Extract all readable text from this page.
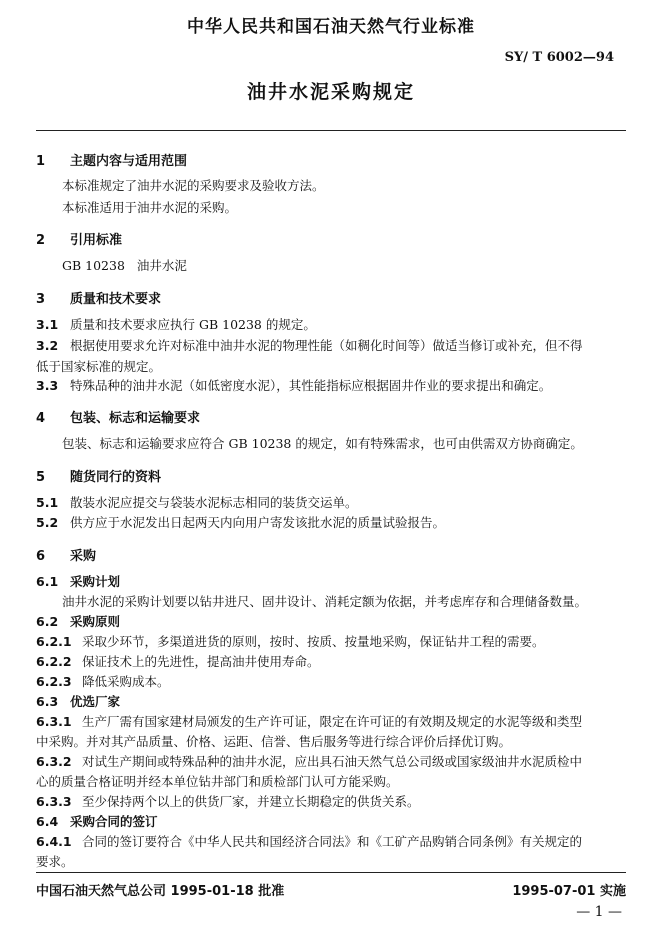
中华人民共和国石油天然气行业标准
SY/ T 6002—94
油井水泥采购规定
1 主题内容与适用范围
本标准规定了油井水泥的采购要求及验收方法。
本标准适用于油井水泥的采购。
2 引用标准
GB 10238   油井水泥
3 质量和技术要求
3.1 质量和技术要求应执行 GB 10238 的规定。
3.2 根据使用要求允许对标准中油井水泥的物理性能（如稠化时间等）做适当修订或补充，但不得
低于国家标准的规定。
3.3 特殊品种的油井水泥（如低密度水泥），其性能指标应根据固井作业的要求提出和确定。
4 包装、标志和运输要求
包装、标志和运输要求应符合 GB 10238 的规定，如有特殊需求，也可由供需双方协商确定。
5 随货同行的资料
5.1 散装水泥应提交与袋装水泥标志相同的装货交运单。
5.2 供方应于水泥发出日起两天内向用户寄发该批水泥的质量试验报告。
6 采购
6.1 采购计划
油井水泥的采购计划要以钻井进尺、固井设计、消耗定额为依据，并考虑库存和合理储备数量。
6.2 采购原则
6.2.1 采取少环节，多渠道进货的原则，按时、按质、按量地采购，保证钻井工程的需要。
6.2.2 保证技术上的先进性，提高油井使用寿命。
6.2.3 降低采购成本。
6.3 优选厂家
6.3.1 生产厂需有国家建材局颁发的生产许可证，限定在许可证的有效期及规定的水泥等级和类型
中采购。并对其产品质量、价格、运距、信誉、售后服务等进行综合评价后择优订购。
6.3.2 对试生产期间或特殊品种的油井水泥，应出具石油天然气总公司级或国家级油井水泥质检中
心的质量合格证明并经本单位钻井部门和质检部门认可方能采购。
6.3.3 至少保持两个以上的供货厂家，并建立长期稳定的供货关系。
6.4 采购合同的签订
6.4.1 合同的签订要符合《中华人民共和国经济合同法》和《工矿产品购销合同条例》有关规定的
要求。
中国石油天然气总公司 1995-01-18 批准	1995-07-01 实施
— 1 —
